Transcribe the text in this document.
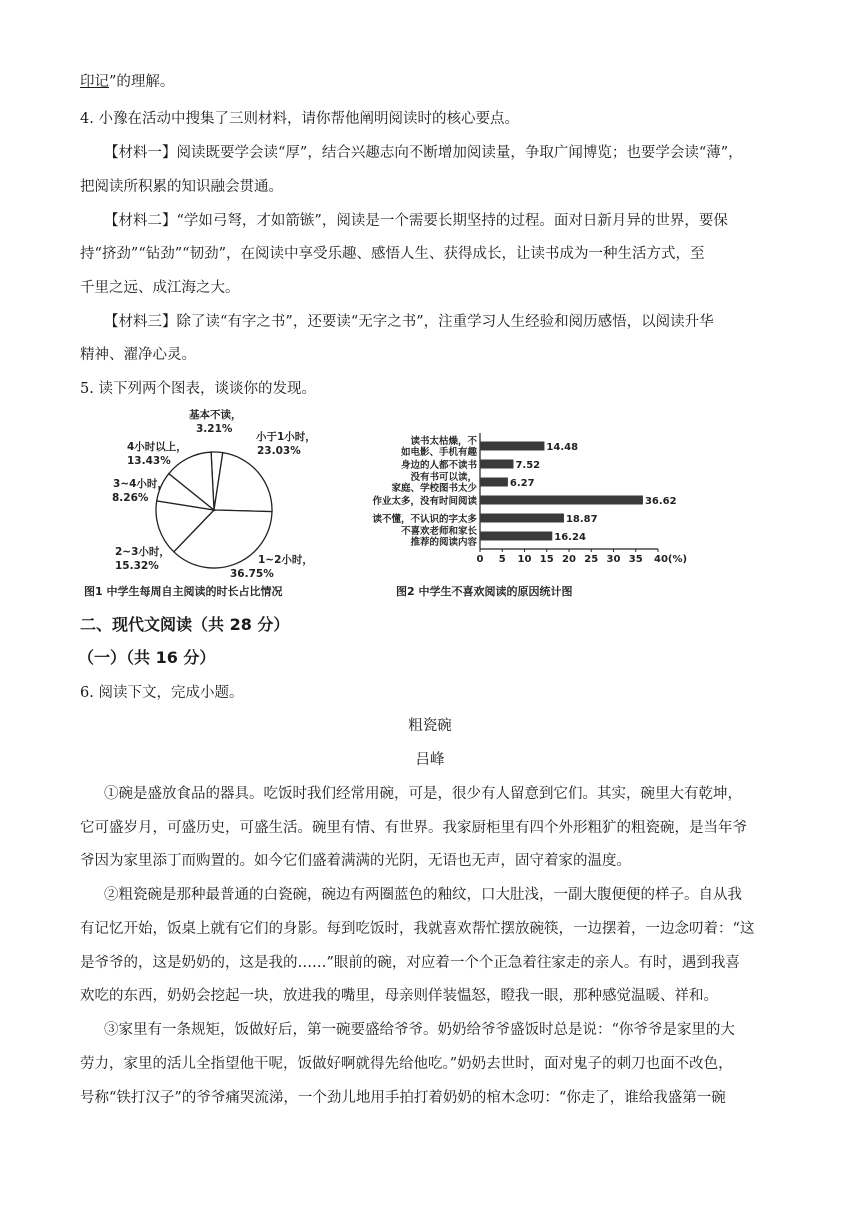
印记”的理解。
4. 小豫在活动中搜集了三则材料，请你帮他阐明阅读时的核心要点。
【材料一】阅读既要学会读“厚”，结合兴趣志向不断增加阅读量，争取广闻博览；也要学会读“薄”，
把阅读所积累的知识融会贯通。
【材料二】“学如弓弩，才如箭镞”，阅读是一个需要长期坚持的过程。面对日新月异的世界，要保
持“挤劲”“钻劲”“韧劲”，在阅读中享受乐趣、感悟人生、获得成长，让读书成为一种生活方式，至
千里之远、成江海之大。
【材料三】除了读“有字之书”，还要读“无字之书”，注重学习人生经验和阅历感悟，以阅读升华
精神、濯净心灵。
5. 读下列两个图表，谈谈你的发现。
基本不读，
3.21%
小于1小时，
23.03%
1~2小时，
36.75%
2~3小时，
15.32%
3~4小时，
8.26%
4小时以上，
13.43%
图1 中学生每周自主阅读的时长占比情况
14.48
读书太枯燥，不
如电影、手机有趣
7.52
身边的人都不读书
6.27
没有书可以读，
家庭、学校图书太少
36.62
作业太多，没有时间阅读
18.87
读不懂，不认识的字太多
16.24
不喜欢老师和家长
推荐的阅读内容
0 5 10 15 20 25 30 35 40(%)
图2 中学生不喜欢阅读的原因统计图
二、现代文阅读（共 28 分）
（一）（共 16 分）
6. 阅读下文，完成小题。
粗瓷碗
吕峰
①碗是盛放食品的器具。吃饭时我们经常用碗，可是，很少有人留意到它们。其实，碗里大有乾坤，
它可盛岁月，可盛历史，可盛生活。碗里有情、有世界。我家厨柜里有四个外形粗犷的粗瓷碗，是当年爷
爷因为家里添丁而购置的。如今它们盛着满满的光阴，无语也无声，固守着家的温度。
②粗瓷碗是那种最普通的白瓷碗，碗边有两圈蓝色的釉纹，口大肚浅，一副大腹便便的样子。自从我
有记忆开始，饭桌上就有它们的身影。每到吃饭时，我就喜欢帮忙摆放碗筷，一边摆着，一边念叨着：“这
是爷爷的，这是奶奶的，这是我的……”眼前的碗，对应着一个个正急着往家走的亲人。有时，遇到我喜
欢吃的东西，奶奶会挖起一块，放进我的嘴里，母亲则佯装愠怒，瞪我一眼，那种感觉温暖、祥和。
③家里有一条规矩，饭做好后，第一碗要盛给爷爷。奶奶给爷爷盛饭时总是说：“你爷爷是家里的大
劳力，家里的活儿全指望他干呢，饭做好啊就得先给他吃。”奶奶去世时，面对鬼子的刺刀也面不改色，
号称“铁打汉子”的爷爷痛哭流涕，一个劲儿地用手拍打着奶奶的棺木念叨：“你走了，谁给我盛第一碗
